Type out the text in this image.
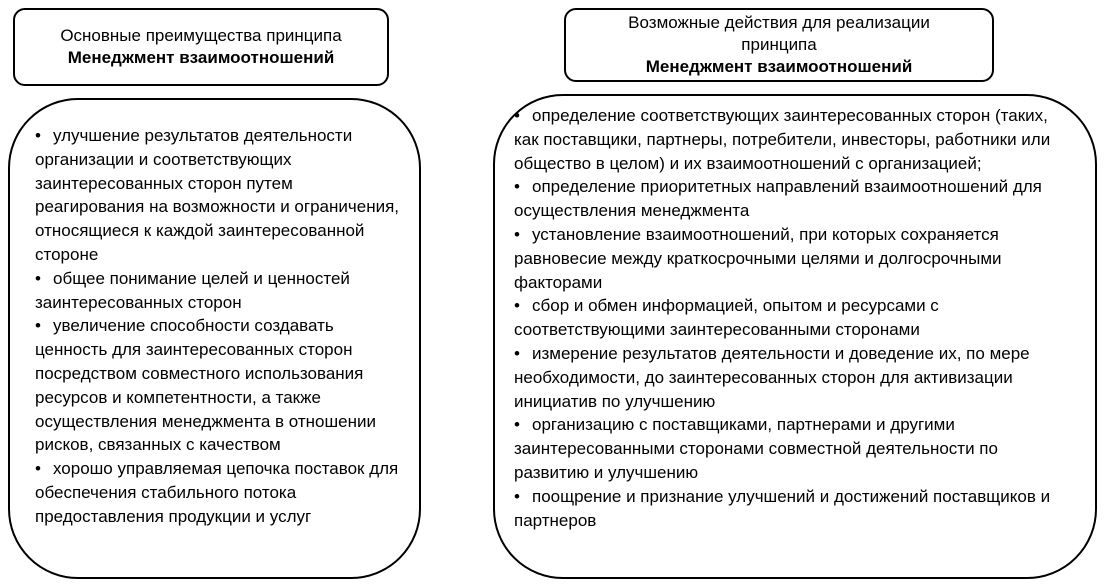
Основные преимущества принципа
Менеджмент взаимоотношений
Возможные действия для реализации
принципа
Менеджмент взаимоотношений
• улучшение результатов деятельности организации и соответствующих заинтересованных сторон путем реагирования на возможности и ограничения, относящиеся к каждой заинтересованной стороне
• общее понимание целей и ценностей заинтересованных сторон
• увеличение способности создавать ценность для заинтересованных сторон посредством совместного использования ресурсов и компетентности, а также осуществления менеджмента в отношении рисков, связанных с качеством
• хорошо управляемая цепочка поставок для обеспечения стабильного потока предоставления продукции и услуг
• определение соответствующих заинтересованных сторон (таких, как поставщики, партнеры, потребители, инвесторы, работники или общество в целом) и их взаимоотношений с организацией;
• определение приоритетных направлений взаимоотношений для осуществления менеджмента
• установление взаимоотношений, при которых сохраняется равновесие между краткосрочными целями и долгосрочными факторами
• сбор и обмен информацией, опытом и ресурсами с соответствующими заинтересованными сторонами
• измерение результатов деятельности и доведение их, по мере необходимости, до заинтересованных сторон для активизации инициатив по улучшению
• организацию с поставщиками, партнерами и другими заинтересованными сторонами совместной деятельности по развитию и улучшению
• поощрение и признание улучшений и достижений поставщиков и партнеров
